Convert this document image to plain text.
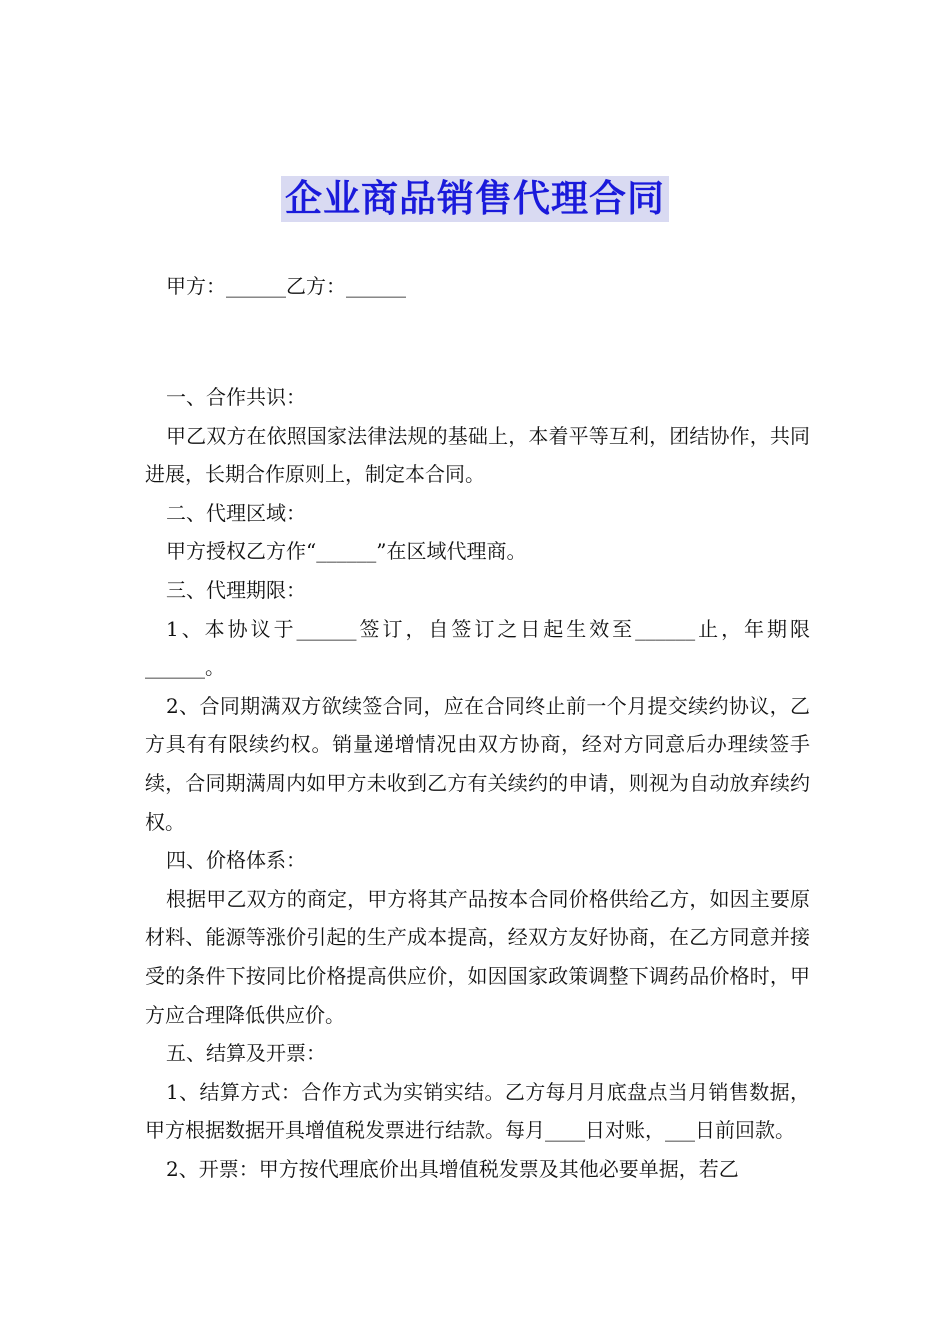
企业商品销售代理合同
甲方：______乙方：______

一、合作共识：

甲乙双方在依照国家法律法规的基础上，本着平等互利，团结协作，共同进展，长期合作原则上，制定本合同。

二、代理区域：

甲方授权乙方作“______”在区域代理商。

三、代理期限：

1、本协议于______签订，自签订之日起生效至______止，年期限______。

2、合同期满双方欲续签合同，应在合同终止前一个月提交续约协议，乙方具有有限续约权。销量递增情况由双方协商，经对方同意后办理续签手续，合同期满周内如甲方未收到乙方有关续约的申请，则视为自动放弃续约权。

四、价格体系：

根据甲乙双方的商定，甲方将其产品按本合同价格供给乙方，如因主要原材料、能源等涨价引起的生产成本提高，经双方友好协商，在乙方同意并接受的条件下按同比价格提高供应价，如因国家政策调整下调药品价格时，甲方应合理降低供应价。

五、结算及开票：

1、结算方式：合作方式为实销实结。乙方每月月底盘点当月销售数据，甲方根据数据开具增值税发票进行结款。每月____日对账，___日前回款。

2、开票：甲方按代理底价出具增值税发票及其他必要单据，若乙
